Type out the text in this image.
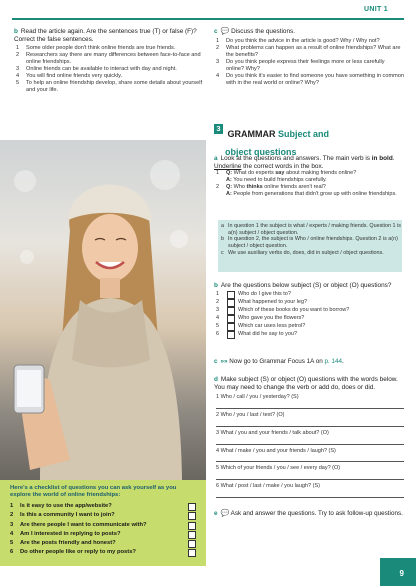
UNIT 1
b Read the article again. Are the sentences true (T) or false (F)? Correct the false sentences.
1 Some older people don't think online friends are true friends.
2 Researchers say there are many differences between face-to-face and online friendships.
3 Online friends can be available to interact with day and night.
4 You will find online friends very quickly.
5 To help an online friendship develop, share some details about yourself and your life.
Here's a checklist of questions you can ask yourself as you explore the world of online friendships:
1 Is it easy to use the app/website?
2 Is this a community I want to join?
3 Are there people I want to communicate with?
4 Am I interested in replying to posts?
5 Are the posts friendly and honest?
6 Do other people like or reply to my posts?
c 💬 Discuss the questions.
1 Do you think the advice in the article is good? Why / Why not?
2 What problems can happen as a result of online friendships? What are the benefits?
3 Do you think people express their feelings more or less carefully online? Why?
4 Do you think it's easier to find someone you have something in common with in the real world or online? Why?
3 GRAMMAR Subject and
object questions
a Look at the questions and answers. The main verb is in bold. Underline the correct words in the box.
1 Q: What do experts say about making friends online?
A: You need to build friendships carefully.
2 Q: Who thinks online friends aren't real?
A: People from generations that didn't grow up with online friendships.
a In question 1 the subject is what / experts / making friends. Question 1 is a(n) subject / object question.
b In question 2, the subject is Who / online friendships. Question 2 is a(n) subject / object question.
c We use auxiliary verbs do, does, did in subject / object questions.
b Are the questions below subject (S) or object (O) questions?
1	Who do I give this to?
2	What happened to your leg?
3	Which of these books do you want to borrow?
4	Who gave you the flowers?
5	Which car uses less petrol?
6	What did he say to you?
c »» Now go to Grammar Focus 1A on p. 144.
d Make subject (S) or object (O) questions with the words below. You may need to change the verb or add do, does or did.
1 Who / call / you / yesterday? (S)
2 Who / you / last / text? (O)
3 What / you and your friends / talk about? (O)
4 What / make / you and your friends / laugh? (S)
5 Which of your friends / you / see / every day? (O)
6 What / post / last / make / you laugh? (S)
e 💬 Ask and answer the questions. Try to ask follow-up questions.
9
